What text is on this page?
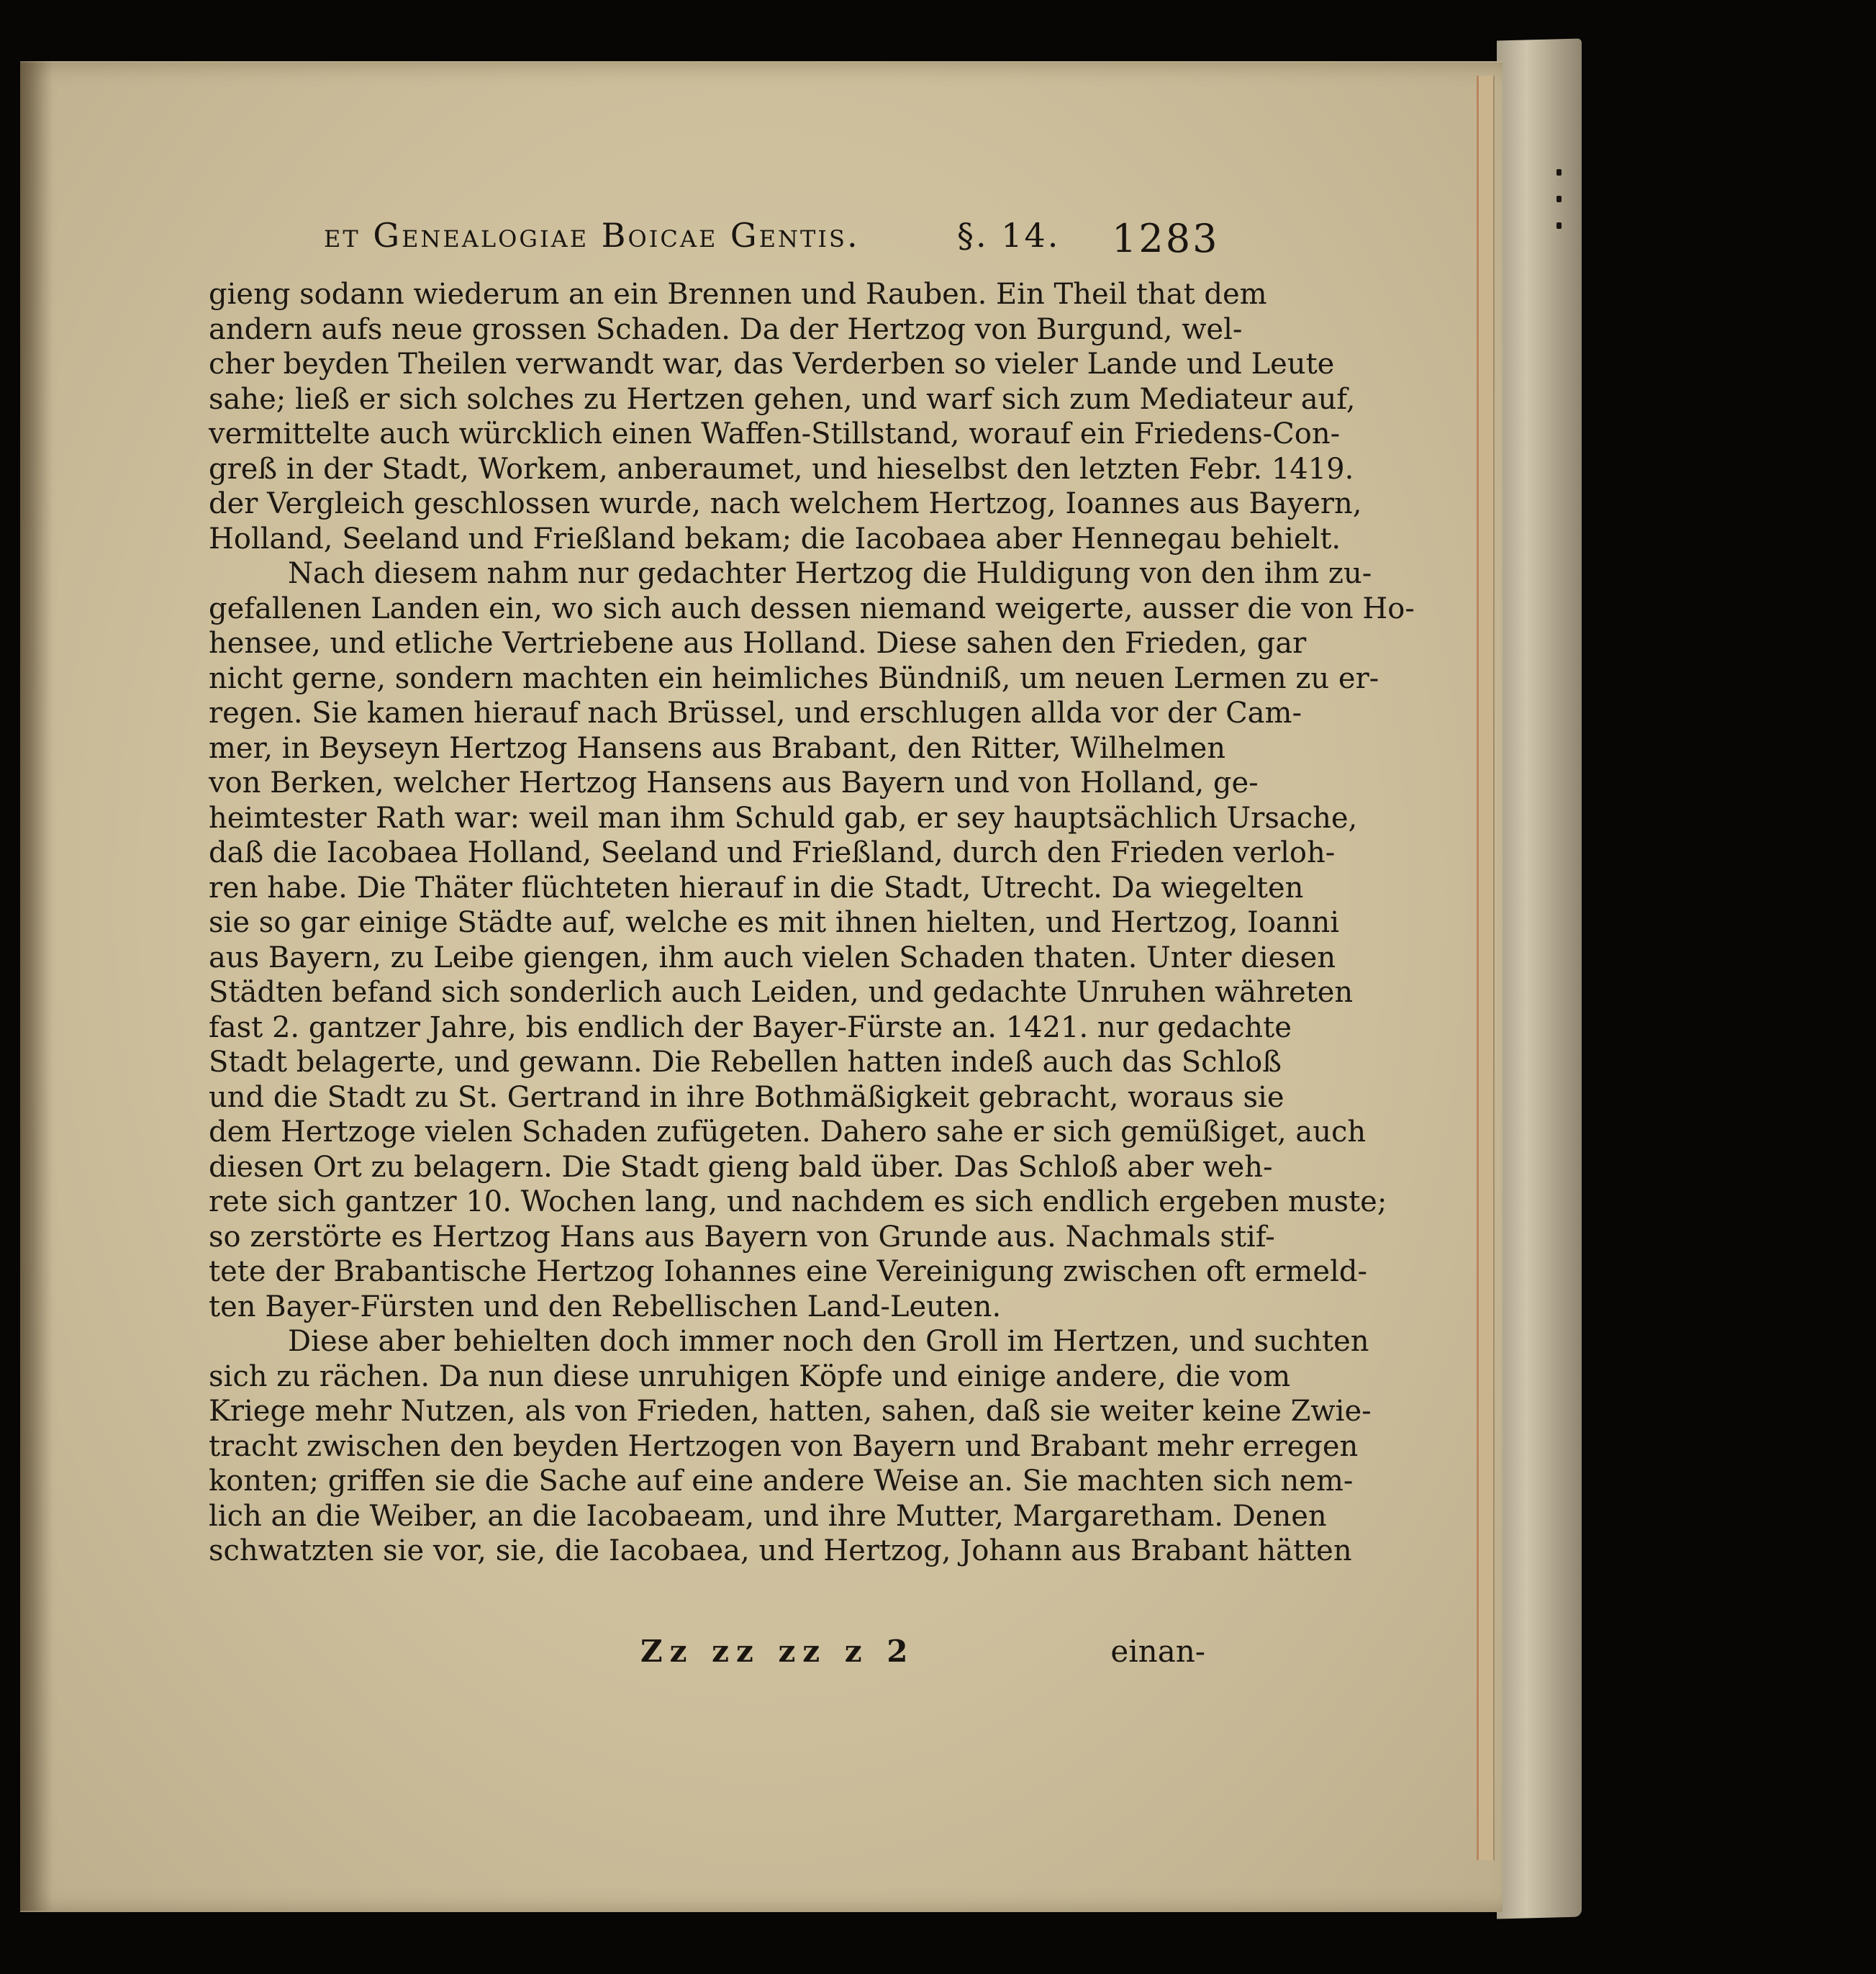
et Genealogiae Boicae Gentis.	§. 14. 1283
gieng sodann wiederum an ein Brennen und Rauben. Ein Theil that dem
andern aufs neue grossen Schaden. Da der Hertzog von Burgund, wel-
cher beyden Theilen verwandt war, das Verderben so vieler Lande und Leute
sahe; ließ er sich solches zu Hertzen gehen, und warf sich zum Mediateur auf,
vermittelte auch würcklich einen Waffen-Stillstand, worauf ein Friedens-Con-
greß in der Stadt, Workem, anberaumet, und hieselbst den letzten Febr. 1419.
der Vergleich geschlossen wurde, nach welchem Hertzog, Ioannes aus Bayern,
Holland, Seeland und Frießland bekam; die Iacobaea aber Hennegau behielt.
Nach diesem nahm nur gedachter Hertzog die Huldigung von den ihm zu-
gefallenen Landen ein, wo sich auch dessen niemand weigerte, ausser die von Ho-
hensee, und etliche Vertriebene aus Holland. Diese sahen den Frieden, gar
nicht gerne, sondern machten ein heimliches Bündniß, um neuen Lermen zu er-
regen. Sie kamen hierauf nach Brüssel, und erschlugen allda vor der Cam-
mer, in Beyseyn Hertzog Hansens aus Brabant, den Ritter, Wilhelmen
von Berken, welcher Hertzog Hansens aus Bayern und von Holland, ge-
heimtester Rath war: weil man ihm Schuld gab, er sey hauptsächlich Ursache,
daß die Iacobaea Holland, Seeland und Frießland, durch den Frieden verloh-
ren habe. Die Thäter flüchteten hierauf in die Stadt, Utrecht. Da wiegelten
sie so gar einige Städte auf, welche es mit ihnen hielten, und Hertzog, Ioanni
aus Bayern, zu Leibe giengen, ihm auch vielen Schaden thaten. Unter diesen
Städten befand sich sonderlich auch Leiden, und gedachte Unruhen währeten
fast 2. gantzer Jahre, bis endlich der Bayer-Fürste an. 1421. nur gedachte
Stadt belagerte, und gewann. Die Rebellen hatten indeß auch das Schloß
und die Stadt zu St. Gertrand in ihre Bothmäßigkeit gebracht, woraus sie
dem Hertzoge vielen Schaden zufügeten. Dahero sahe er sich gemüßiget, auch
diesen Ort zu belagern. Die Stadt gieng bald über. Das Schloß aber weh-
rete sich gantzer 10. Wochen lang, und nachdem es sich endlich ergeben muste;
so zerstörte es Hertzog Hans aus Bayern von Grunde aus. Nachmals stif-
tete der Brabantische Hertzog Iohannes eine Vereinigung zwischen oft ermeld-
ten Bayer-Fürsten und den Rebellischen Land-Leuten.
Diese aber behielten doch immer noch den Groll im Hertzen, und suchten
sich zu rächen. Da nun diese unruhigen Köpfe und einige andere, die vom
Kriege mehr Nutzen, als von Frieden, hatten, sahen, daß sie weiter keine Zwie-
tracht zwischen den beyden Hertzogen von Bayern und Brabant mehr erregen
konten; griffen sie die Sache auf eine andere Weise an. Sie machten sich nem-
lich an die Weiber, an die Iacobaeam, und ihre Mutter, Margaretham. Denen
schwatzten sie vor, sie, die Iacobaea, und Hertzog, Johann aus Brabant hätten
Zz zz zz z 2	einan-
